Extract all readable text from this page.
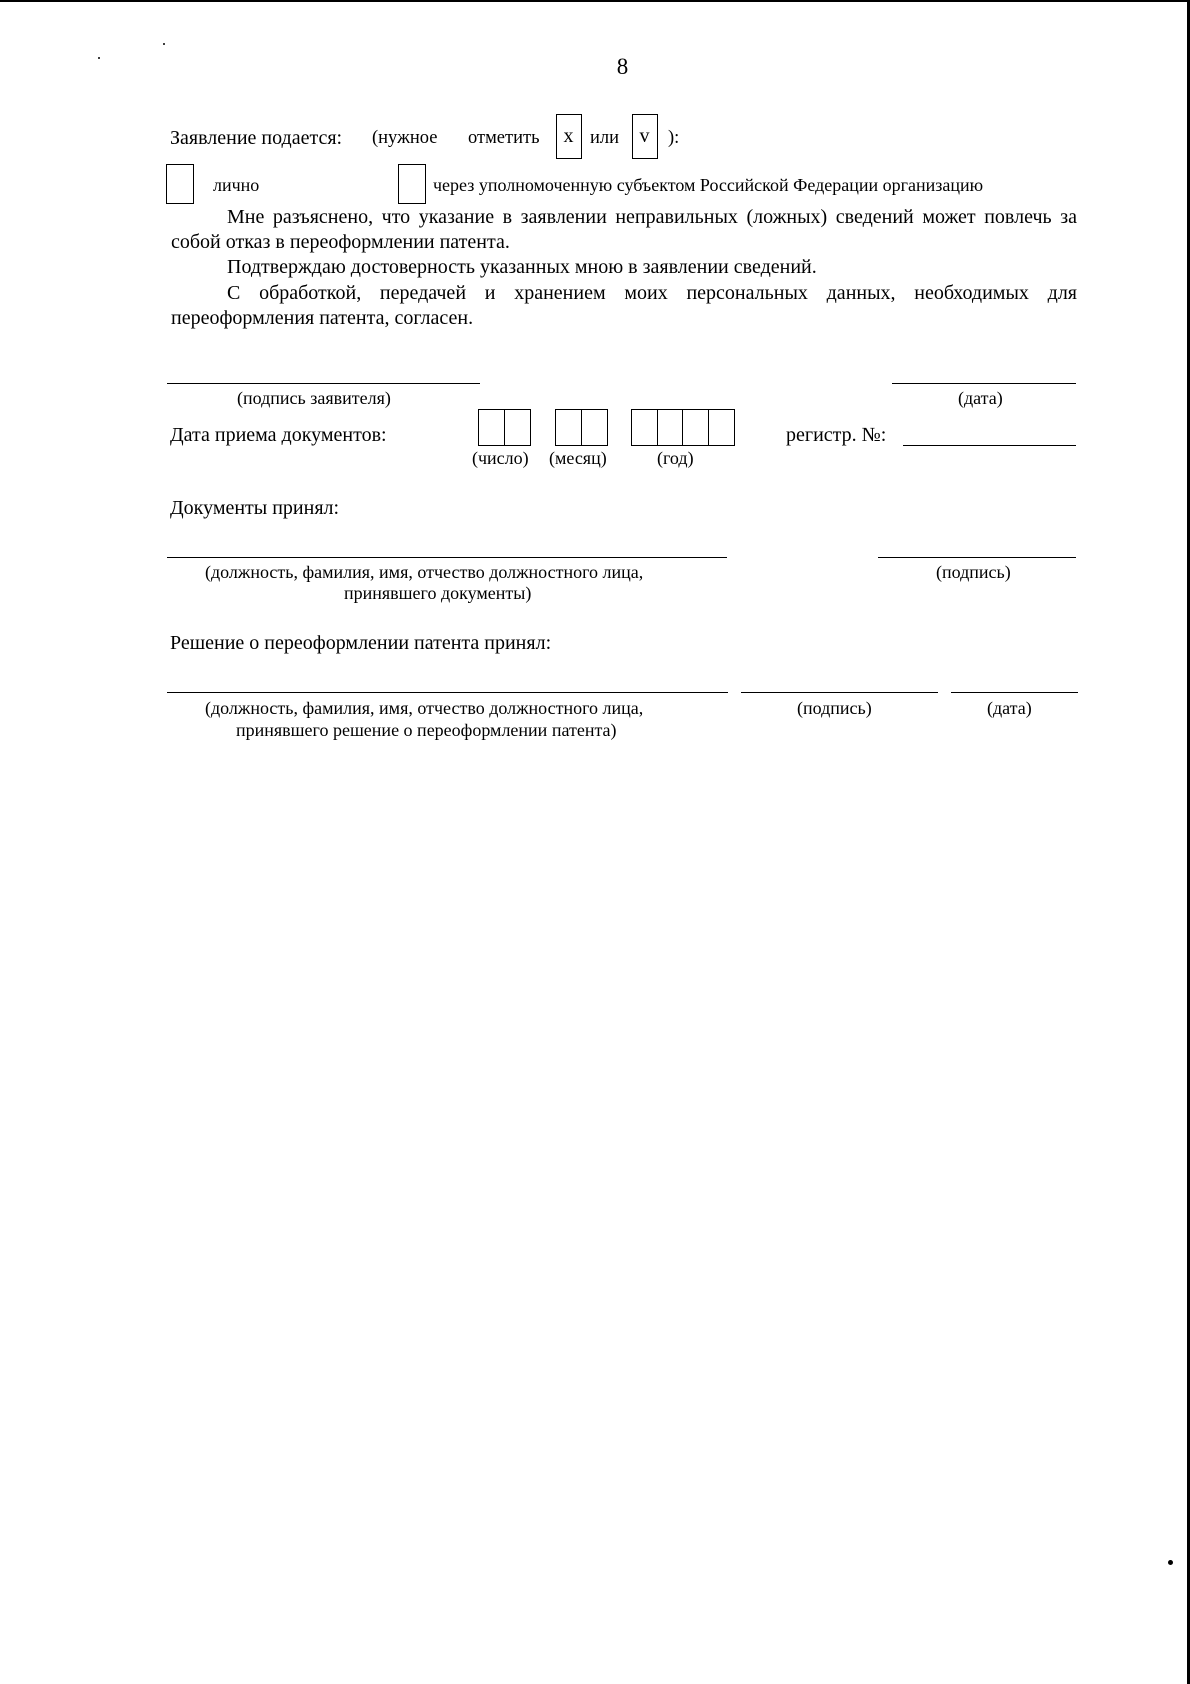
8
Заявление подается: (нужное отметить	x или	v	):
лично	через уполномоченную субъектом Российской Федерации организацию
Мне разъяснено, что указание в заявлении неправильных (ложных) сведений может повлечь за собой отказ в переоформлении патента.
Подтверждаю достоверность указанных мною в заявлении сведений.
С обработкой, передачей и хранением моих персональных данных, необходимых для переоформления патента, согласен.
(подпись заявителя)	(дата)
Дата приема документов:
(число) (месяц)	(год)
регистр. №:
Документы принял:
(должность, фамилия, имя, отчество должностного лица,
принявшего документы)
(подпись)
Решение о переоформлении патента принял:
(должность, фамилия, имя, отчество должностного лица,
принявшего решение о переоформлении патента)
(подпись)	(дата)
